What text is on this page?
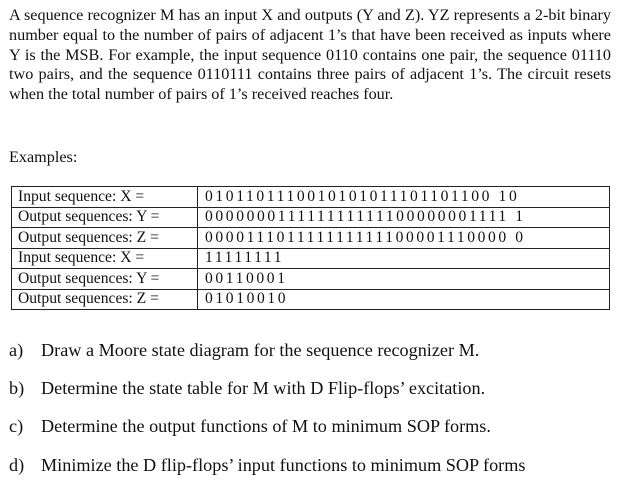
A sequence recognizer M has an input X and outputs (Y and Z). YZ represents a 2-bit binary number equal to the number of pairs of adjacent 1’s that have been received as inputs where Y is the MSB. For example, the input sequence 0110 contains one pair, the sequence 01110 two pairs, and the sequence 0110111 contains three pairs of adjacent 1’s. The circuit resets when the total number of pairs of 1’s received reaches four.

Examples:

Input sequence: X =	0101101110010101011101101100 10
Output sequences: Y =	000000011111111111100000001111 1
Output sequences: Z =	000011101111111111100001110000 0
Input sequence: X =	11111111
Output sequences: Y =	00110001
Output sequences: Z =	01010010
a) Draw a Moore state diagram for the sequence recognizer M.
b) Determine the state table for M with D Flip-flops’ excitation.
c) Determine the output functions of M to minimum SOP forms.
d) Minimize the D flip-flops’ input functions to minimum SOP forms
